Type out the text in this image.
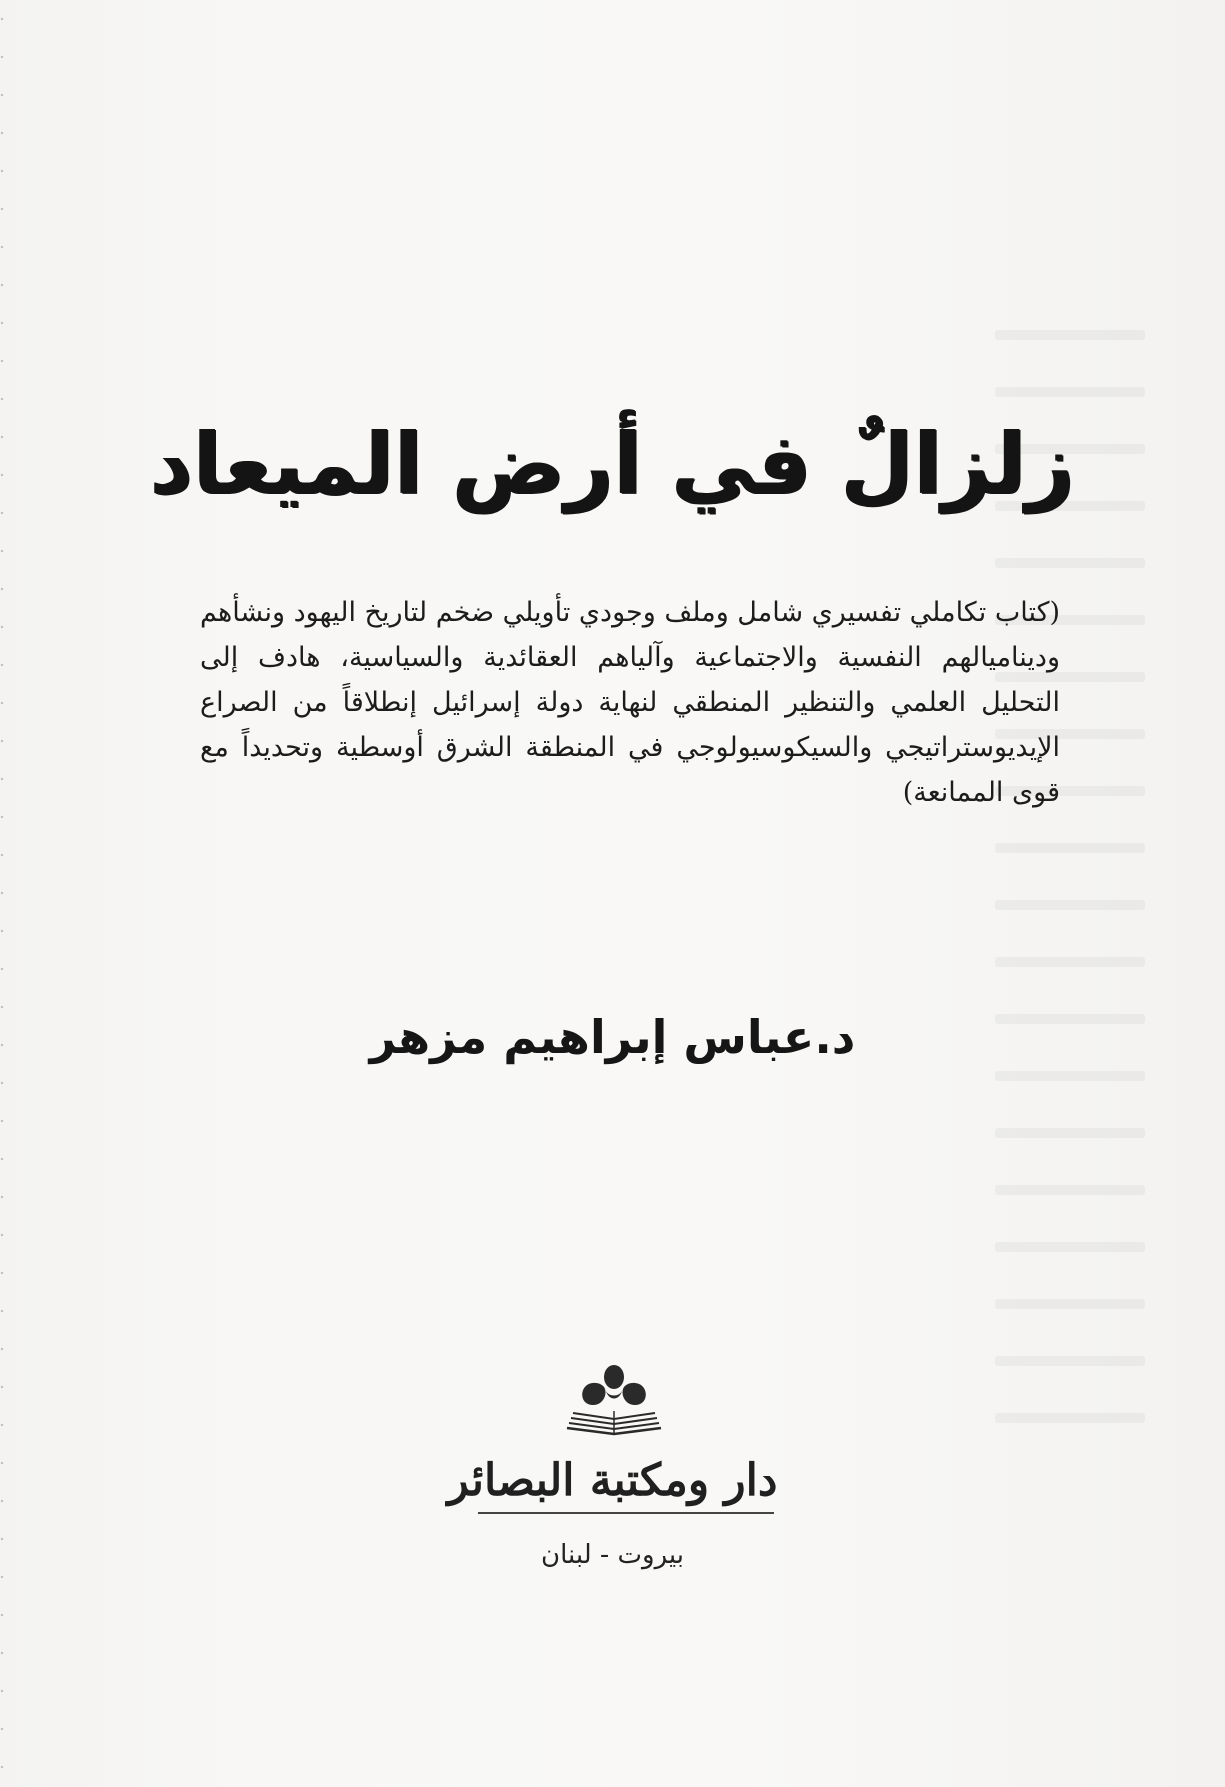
زلزالٌ في أرض الميعاد
(كتاب تكاملي تفسيري شامل وملف وجودي تأويلي ضخم لتاريخ اليهود ونشأهم وديناميالهم النفسية والاجتماعية وآلياهم العقائدية والسياسية، هادف إلى التحليل العلمي والتنظير المنطقي لنهاية دولة إسرائيل إنطلاقاً من الصراع الإيديوستراتيجي والسيكوسيولوجي في المنطقة الشرق أوسطية وتحديداً مع قوى الممانعة)
د.عباس إبراهيم مزهر
دار ومكتبة البصائر
بيروت - لبنان
